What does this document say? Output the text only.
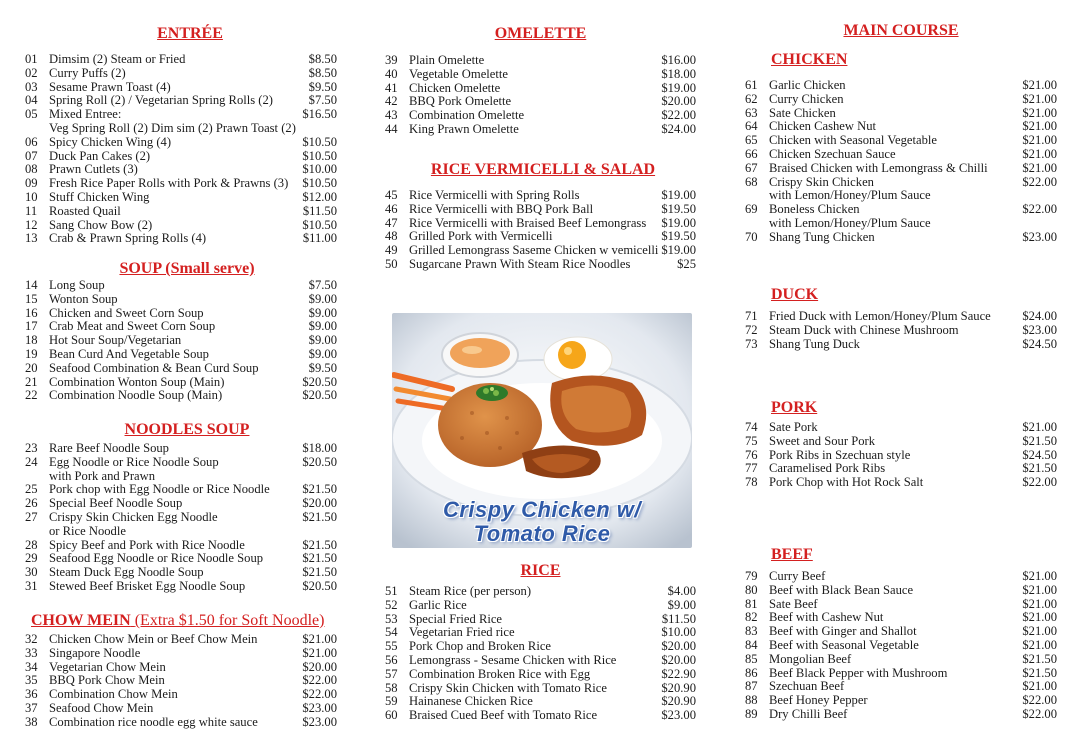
ENTRÉE
01 Dimsim (2) Steam or Fried	$8.50
02 Curry Puffs (2)	$8.50
03 Sesame Prawn Toast (4)	$9.50
04 Spring Roll (2) / Vegetarian Spring Rolls (2)	$7.50
05 Mixed Entree:	$16.50
Veg Spring Roll (2) Dim sim (2) Prawn Toast (2)
06 Spicy Chicken Wing (4)	$10.50
07 Duck Pan Cakes (2)	$10.50
08 Prawn Cutlets (3)	$10.00
09 Fresh Rice Paper Rolls with Pork & Prawns (3)	$10.50
10 Stuff Chicken Wing	$12.00
11 Roasted Quail	$11.50
12 Sang Chow Bow (2)	$10.50
13 Crab & Prawn Spring Rolls (4)	$11.00
SOUP (Small serve)
14 Long Soup	$7.50
15 Wonton Soup	$9.00
16 Chicken and Sweet Corn Soup	$9.00
17 Crab Meat and Sweet Corn Soup	$9.00
18 Hot Sour Soup/Vegetarian	$9.00
19 Bean Curd And Vegetable Soup	$9.00
20 Seafood Combination & Bean Curd Soup	$9.50
21 Combination Wonton Soup (Main)	$20.50
22 Combination Noodle Soup (Main)	$20.50
NOODLES SOUP
23 Rare Beef Noodle Soup	$18.00
24 Egg Noodle or Rice Noodle Soup	$20.50
with Pork and Prawn
25 Pork chop with Egg Noodle or Rice Noodle	$21.50
26 Special Beef Noodle Soup	$20.00
27 Crispy Skin Chicken Egg Noodle	$21.50
or Rice Noodle
28 Spicy Beef and Pork with Rice Noodle	$21.50
29 Seafood Egg Noodle or Rice Noodle Soup	$21.50
30 Steam Duck Egg Noodle Soup	$21.50
31 Stewed Beef Brisket Egg Noodle Soup	$20.50
CHOW MEIN (Extra $1.50 for Soft Noodle)
32 Chicken Chow Mein or Beef Chow Mein	$21.00
33 Singapore Noodle	$21.00
34 Vegetarian Chow Mein	$20.00
35 BBQ Pork Chow Mein	$22.00
36 Combination Chow Mein	$22.00
37 Seafood Chow Mein	$23.00
38 Combination rice noodle egg white sauce	$23.00
OMELETTE
39 Plain Omelette	$16.00
40 Vegetable Omelette	$18.00
41 Chicken Omelette	$19.00
42 BBQ Pork Omelette	$20.00
43 Combination Omelette	$22.00
44 King Prawn Omelette	$24.00
RICE VERMICELLI & SALAD
45 Rice Vermicelli with Spring Rolls	$19.00
46 Rice Vermicelli with BBQ Pork Ball	$19.50
47 Rice Vermicelli with Braised Beef Lemongrass	$19.00
48 Grilled Pork with Vermicelli	$19.50
49 Grilled Lemongrass Saseme Chicken w vemicelli $19.00
50 Sugarcane Prawn With Steam Rice Noodles	$25
Crispy Chicken w/
Tomato Rice
RICE
51 Steam Rice (per person)	$4.00
52 Garlic Rice	$9.00
53 Special Fried Rice	$11.50
54 Vegetarian Fried rice	$10.00
55 Pork Chop and Broken Rice	$20.00
56 Lemongrass - Sesame Chicken with Rice	$20.00
57 Combination Broken Rice with Egg	$22.90
58 Crispy Skin Chicken with Tomato Rice	$20.90
59 Hainanese Chicken Rice	$20.90
60 Braised Cued Beef with Tomato Rice	$23.00
MAIN COURSE
CHICKEN
61 Garlic Chicken	$21.00
62 Curry Chicken	$21.00
63 Sate Chicken	$21.00
64 Chicken Cashew Nut	$21.00
65 Chicken with Seasonal Vegetable	$21.00
66 Chicken Szechuan Sauce	$21.00
67 Braised Chicken with Lemongrass & Chilli	$21.00
68 Crispy Skin Chicken	$22.00
with Lemon/Honey/Plum Sauce
69 Boneless Chicken	$22.00
with Lemon/Honey/Plum Sauce
70 Shang Tung Chicken	$23.00
DUCK
71 Fried Duck with Lemon/Honey/Plum Sauce	$24.00
72 Steam Duck with Chinese Mushroom	$23.00
73 Shang Tung Duck	$24.50
PORK
74 Sate Pork	$21.00
75 Sweet and Sour Pork	$21.50
76 Pork Ribs in Szechuan style	$24.50
77 Caramelised Pork Ribs	$21.50
78 Pork Chop with Hot Rock Salt	$22.00
BEEF
79 Curry Beef	$21.00
80 Beef with Black Bean Sauce	$21.00
81 Sate Beef	$21.00
82 Beef with Cashew Nut	$21.00
83 Beef with Ginger and Shallot	$21.00
84 Beef with Seasonal Vegetable	$21.00
85 Mongolian Beef	$21.50
86 Beef Black Pepper with Mushroom	$21.50
87 Szechuan Beef	$21.00
88 Beef Honey Pepper	$22.00
89 Dry Chilli Beef	$22.00
